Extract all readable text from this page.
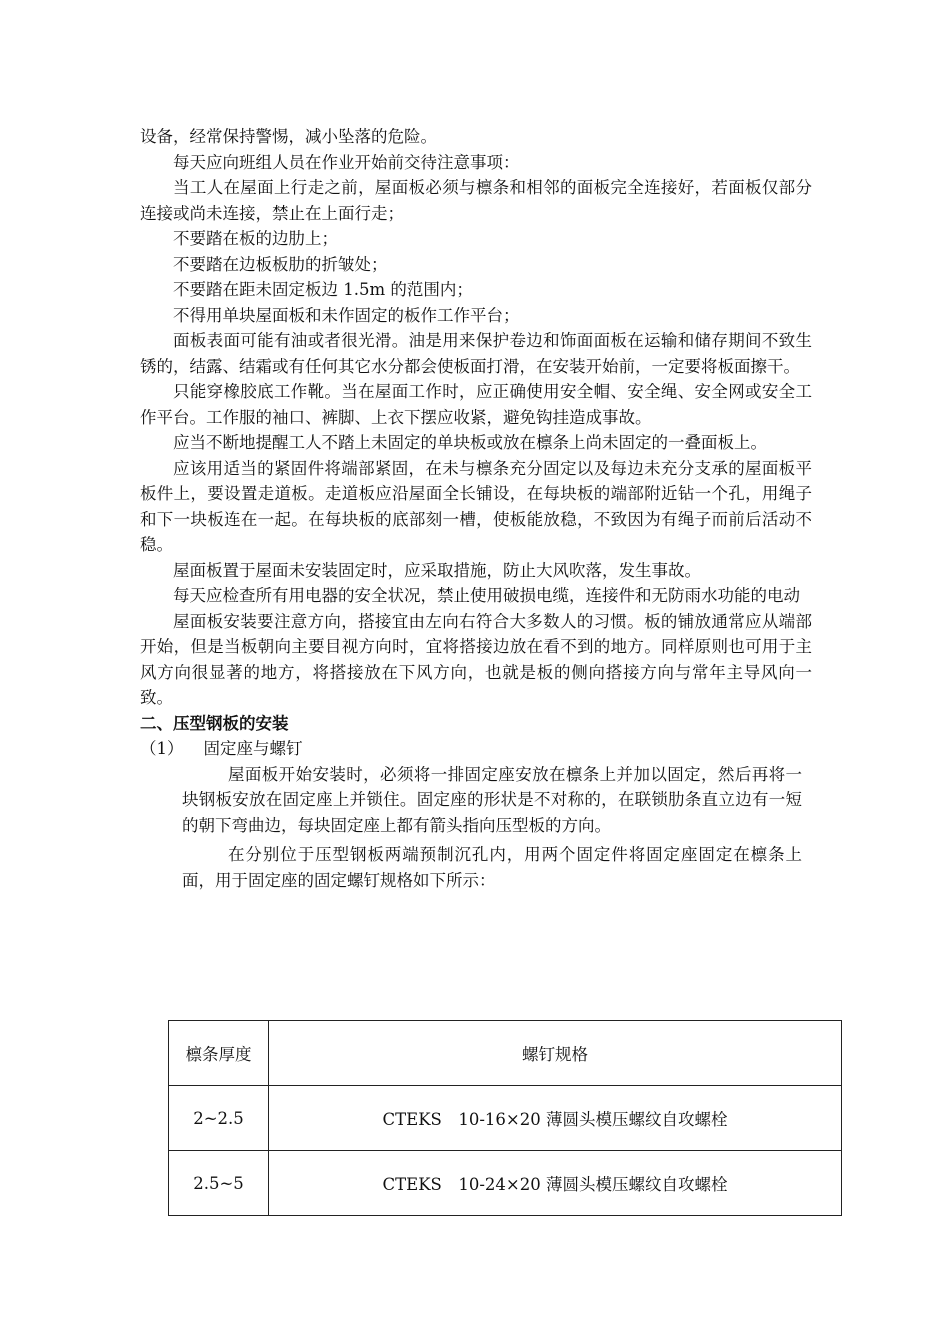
设备，经常保持警惕，减小坠落的危险。

每天应向班组人员在作业开始前交待注意事项：

当工人在屋面上行走之前，屋面板必须与檩条和相邻的面板完全连接好，若面板仅部分连接或尚未连接，禁止在上面行走；

不要踏在板的边肋上；

不要踏在边板板肋的折皱处；

不要踏在距未固定板边 1.5m 的范围内；

不得用单块屋面板和未作固定的板作工作平台；

面板表面可能有油或者很光滑。油是用来保护卷边和饰面面板在运输和储存期间不致生锈的，结露、结霜或有任何其它水分都会使板面打滑，在安装开始前，一定要将板面擦干。

只能穿橡胶底工作靴。当在屋面工作时，应正确使用安全帽、安全绳、安全网或安全工作平台。工作服的袖口、裤脚、上衣下摆应收紧，避免钩挂造成事故。

应当不断地提醒工人不踏上未固定的单块板或放在檩条上尚未固定的一叠面板上。

应该用适当的紧固件将端部紧固，在未与檩条充分固定以及每边未充分支承的屋面板平板件上，要设置走道板。走道板应沿屋面全长铺设，在每块板的端部附近钻一个孔，用绳子和下一块板连在一起。在每块板的底部刻一槽，使板能放稳，不致因为有绳子而前后活动不稳。

屋面板置于屋面未安装固定时，应采取措施，防止大风吹落，发生事故。

每天应检查所有用电器的安全状况，禁止使用破损电缆，连接件和无防雨水功能的电动

屋面板安装要注意方向，搭接宜由左向右符合大多数人的习惯。板的铺放通常应从端部开始，但是当板朝向主要目视方向时，宜将搭接边放在看不到的地方。同样原则也可用于主风方向很显著的地方，将搭接放在下风方向，也就是板的侧向搭接方向与常年主导风向一致。

二、压型钢板的安装

（1） 固定座与螺钉

屋面板开始安装时，必须将一排固定座安放在檩条上并加以固定，然后再将一块钢板安放在固定座上并锁住。固定座的形状是不对称的，在联锁肋条直立边有一短的朝下弯曲边，每块固定座上都有箭头指向压型板的方向。

在分别位于压型钢板两端预制沉孔内，用两个固定件将固定座固定在檩条上面，用于固定座的固定螺钉规格如下所示：

檩条厚度	螺钉规格
2~2.5	CTEKS　10-16×20 薄圆头模压螺纹自攻螺栓
2.5~5	CTEKS　10-24×20 薄圆头模压螺纹自攻螺栓
